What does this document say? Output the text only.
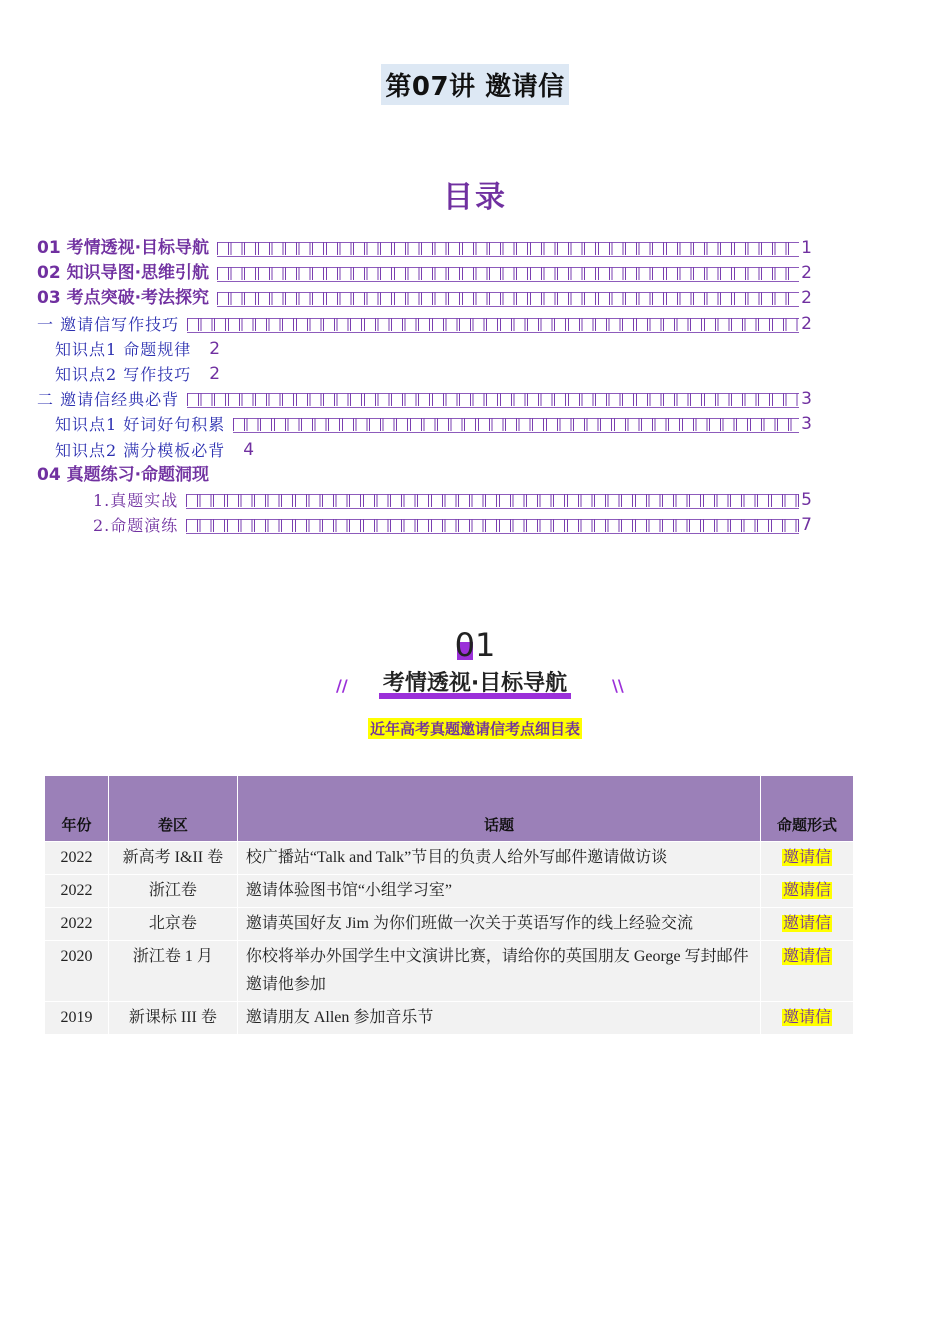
第07讲 邀请信
目录
01 考情透视·目标导航	1
02 知识导图·思维引航	2
03 考点突破·考法探究	2
一 邀请信写作技巧	2
知识点1 命题规律 2
知识点2 写作技巧 2
二 邀请信经典必背	3
知识点1 好词好句积累	3
知识点2 满分模板必背 4
04 真题练习·命题洞现
1.真题实战	5
2.命题演练	7
01
//	考情透视·目标导航	\\
近年高考真题邀请信考点细目表
年份	卷区	话题	命题形式
2022	新高考 I&II 卷	校广播站“Talk and Talk”节目的负责人给外写邮件邀请做访谈	邀请信
2022	浙江卷	邀请体验图书馆“小组学习室”	邀请信
2022	北京卷	邀请英国好友 Jim 为你们班做一次关于英语写作的线上经验交流	邀请信
2020	浙江卷 1 月	你校将举办外国学生中文演讲比赛，请给你的英国朋友 George 写封邮件邀请他参加	邀请信
2019	新课标 III 卷	邀请朋友 Allen 参加音乐节	邀请信
